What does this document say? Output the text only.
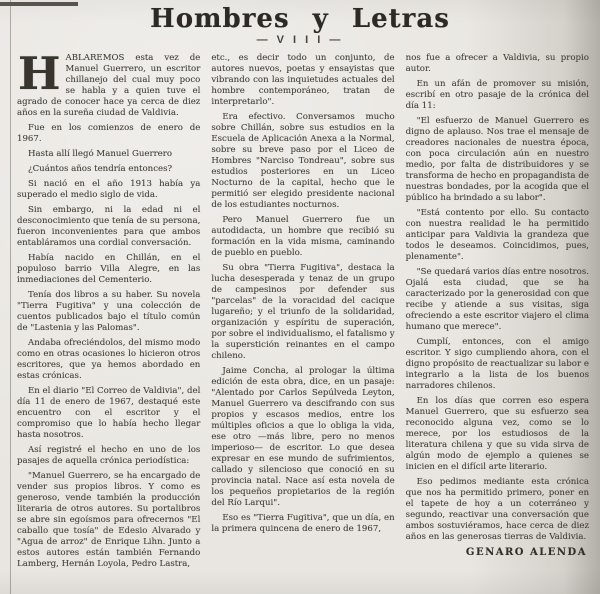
Hombres y Letras
— V I I I —

HABLAREMOS esta vez de Manuel Guerrero, un escritor chillanejo del cual muy poco se habla y a quien tuve el agrado de conocer hace ya cerca de diez años en la sureña ciudad de Valdivia.

Fue en los comienzos de enero de 1967.

Hasta allí llegó Manuel Guerrero

¿Cuántos años tendría entonces?

Si nació en el año 1913 había ya superado el medio siglo de vida.

Sin embargo, ni la edad ni el desconocimiento que tenía de su persona, fueron inconvenientes para que ambos entabláramos una cordial conversación.

Había nacido en Chillán, en el populoso barrio Villa Alegre, en las inmediaciones del Cementerio.

Tenía dos libros a su haber. Su novela "Tierra Fugitiva" y una colección de cuentos publicados bajo el título común de "Lastenia y las Palomas".

Andaba ofreciéndolos, del mismo modo como en otras ocasiones lo hicieron otros escritores, que ya hemos abordado en estas crónicas.

En el diario "El Correo de Valdivia", del día 11 de enero de 1967, destaqué este encuentro con el escritor y el compromiso que lo había hecho llegar hasta nosotros.

Así registré el hecho en uno de los pasajes de aquella crónica periodística:

"Manuel Guerrero, se ha encargado de vender sus propios libros. Y como es generoso, vende también la producción literaria de otros autores. Su portalibros se abre sin egoísmos para ofrecernos "El caballo que tosía" de Edesio Alvarado y "Agua de arroz" de Enrique Lihn. Junto a estos autores están también Fernando Lamberg, Hernán Loyola, Pedro Lastra,

etc., es decir todo un conjunto, de autores nuevos, poetas y ensayistas que vibrando con las inquietudes actuales del hombre contemporáneo, tratan de interpretarlo".

Era efectivo. Conversamos mucho sobre Chillán, sobre sus estudios en la Escuela de Aplicación Anexa a la Normal, sobre su breve paso por el Liceo de Hombres "Narciso Tondreau", sobre sus estudios posteriores en un Liceo Nocturno de la capital, hecho que le permitió ser elegido presidente nacional de los estudiantes nocturnos.

Pero Manuel Guerrero fue un autodidacta, un hombre que recibió su formación en la vida misma, caminando de pueblo en pueblo.

Su obra "Tierra Fugitiva", destaca la lucha desesperada y tenaz de un grupo de campesinos por defender sus "parcelas" de la voracidad del cacique lugareño; y el triunfo de la solidaridad, organización y espíritu de superación, por sobre el individualismo, el fatalismo y la superstición reinantes en el campo chileno.

Jaime Concha, al prologar la última edición de esta obra, dice, en un pasaje: "Alentado por Carlos Sepúlveda Leyton, Manuel Guerrero va descifrando con sus propios y escasos medios, entre los múltiples oficios a que lo obliga la vida, ese otro —más libre, pero no menos imperioso— de escritor. Lo que desea expresar en ese mundo de sufrimientos, callado y silencioso que conoció en su provincia natal. Nace así esta novela de los pequeños propietarios de la región del Río Larqui".

Eso es "Tierra Fugitiva", que un día, en la primera quincena de enero de 1967,

nos fue a ofrecer a Valdivia, su propio autor.

En un afán de promover su misión, escribí en otro pasaje de la crónica del día 11:

"El esfuerzo de Manuel Guerrero es digno de aplauso. Nos trae el mensaje de creadores nacionales de nuestra época, con poca circulación aún en nuestro medio, por falta de distribuidores y se transforma de hecho en propagandista de nuestras bondades, por la acogida que el público ha brindado a su labor".

"Está contento por ello. Su contacto con nuestra realidad le ha permitido anticipar para Valdivia la grandeza que todos le deseamos. Coincidimos, pues, plenamente".

"Se quedará varios días entre nosotros. Ojalá esta ciudad, que se ha caracterizado por la generosidad con que recibe y atiende a sus visitas, siga ofreciendo a este escritor viajero el clima humano que merece".

Cumplí, entonces, con el amigo escritor. Y sigo cumpliendo ahora, con el digno propósito de reactualizar su labor e integrarlo a la lista de los buenos narradores chilenos.

En los días que corren eso espera Manuel Guerrero, que su esfuerzo sea reconocido alguna vez, como se lo merece, por los estudiosos de la literatura chilena y que su vida sirva de algún modo de ejemplo a quienes se inicien en el difícil arte literario.

Eso pedimos mediante esta crónica que nos ha permitido primero, poner en el tapete de hoy a un coterráneo y segundo, reactivar una conversación que ambos sostuviéramos, hace cerca de diez años en las generosas tierras de Valdivia.

GENARO ALENDA
